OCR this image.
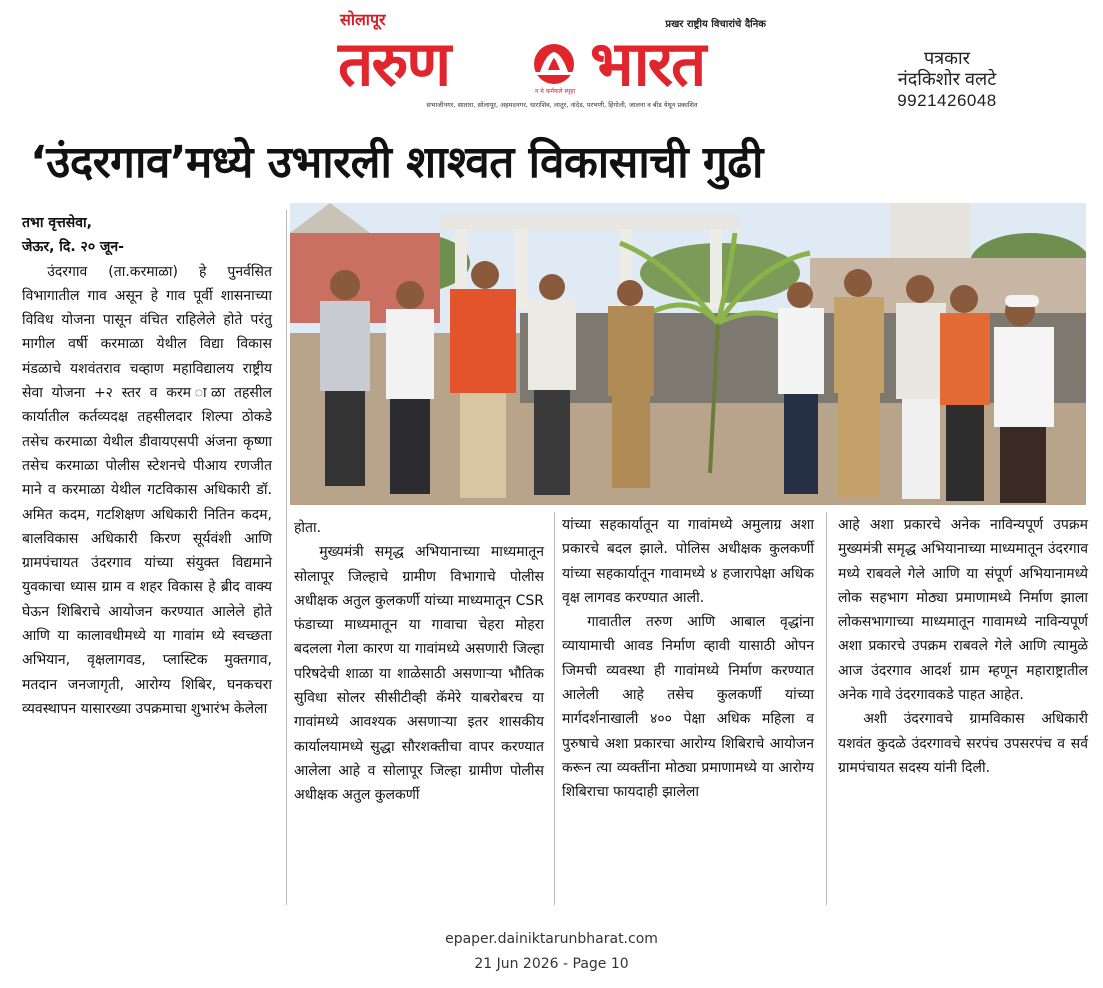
सोलापूर	प्रखर राष्ट्रीय विचारांचे दैनिक
तरुण	न मे कर्मफले स्पृहा भारत
संभाजीनगर, सातारा, सोलापूर, अहमदनगर, धाराशिव, लातूर, नांदेड, परभणी, हिंगोली, जालना व बीड येथून प्रकाशित
पत्रकार
नंदकिशोर वलटे
9921426048
‘उंदरगाव’मध्ये उभारली शाश्वत विकासाची गुढी

तभा वृत्तसेवा,

जेऊर, दि. २० जून-

उंदरगाव (ता.करमाळा) हे पुनर्वसित विभागातील गाव असून हे गाव पूर्वी शासनाच्या विविध योजना पासून वंचित राहिलेले होते परंतु मागील वर्षी करमाळा येथील विद्या विकास मंडळाचे यशवंतराव चव्हाण महाविद्यालय राष्ट्रीय सेवा योजना +२ स्तर व करम ाळा तहसील कार्यातील कर्तव्यदक्ष तहसीलदार शिल्पा ठोकडे तसेच करमाळा येथील डीवायएसपी अंजना कृष्णा तसेच करमाळा पोलीस स्टेशनचे पीआय रणजीत माने व करमाळा येथील गटविकास अधिकारी डॉ. अमित कदम, गटशिक्षण अधिकारी नितिन कदम, बालविकास अधिकारी किरण सूर्यवंशी आणि ग्रामपंचायत उंदरगाव यांच्या संयुक्त विद्यमाने युवकाचा ध्यास ग्राम व शहर विकास हे ब्रीद वाक्य घेऊन शिबिराचे आयोजन करण्यात आलेले होते आणि या कालावधीमध्ये या गावांम ध्ये स्वच्छता अभियान, वृक्षलागवड, प्लास्टिक मुक्तगाव, मतदान जनजागृती, आरोग्य शिबिर, घनकचरा व्यवस्थापन यासारख्या उपक्रमाचा शुभारंभ केलेला

होता.

मुख्यमंत्री समृद्ध अभियानाच्या माध्यमातून सोलापूर जिल्हाचे ग्रामीण विभागाचे पोलीस अधीक्षक अतुल कुलकर्णी यांच्या माध्यमातून CSR फंडाच्या माध्यमातून या गावाचा चेहरा मोहरा बदलला गेला कारण या गावांमध्ये असणारी जिल्हा परिषदेची शाळा या शाळेसाठी असणाऱ्या भौतिक सुविधा सोलर सीसीटीव्ही कॅमेरे याबरोबरच या गावांमध्ये आवश्यक असणाऱ्या इतर शासकीय कार्यालयामध्ये सुद्धा सौरशक्तीचा वापर करण्यात आलेला आहे व सोलापूर जिल्हा ग्रामीण पोलीस अधीक्षक अतुल कुलकर्णी

यांच्या सहकार्यातून या गावांमध्ये अमुलाग्र अशा प्रकारचे बदल झाले. पोलिस अधीक्षक कुलकर्णी यांच्या सहकार्यातून गावामध्ये ४ हजारापेक्षा अधिक वृक्ष लागवड करण्यात आली.

गावातील तरुण आणि आबाल वृद्धांना व्यायामाची आवड निर्माण व्हावी यासाठी ओपन जिमची व्यवस्था ही गावांमध्ये निर्माण करण्यात आलेली आहे तसेच कुलकर्णी यांच्या मार्गदर्शनाखाली ४०० पेक्षा अधिक महिला व पुरुषाचे अशा प्रकारचा आरोग्य शिबिराचे आयोजन करून त्या व्यक्तींना मोठ्या प्रमाणामध्ये या आरोग्य शिबिराचा फायदाही झालेला

आहे अशा प्रकारचे अनेक नाविन्यपूर्ण उपक्रम मुख्यमंत्री समृद्ध अभियानाच्या माध्यमातून उंदरगाव मध्ये राबवले गेले आणि या संपूर्ण अभियानामध्ये लोक सहभाग मोठ्या प्रमाणामध्ये निर्माण झाला लोकसभागाच्या माध्यमातून गावामध्ये नाविन्यपूर्ण अशा प्रकारचे उपक्रम राबवले गेले आणि त्यामुळे आज उंदरगाव आदर्श ग्राम म्हणून महाराष्ट्रातील अनेक गावे उंदरगावकडे पाहत आहेत.

अशी उंदरगावचे ग्रामविकास अधिकारी यशवंत कुदळे उंदरगावचे सरपंच उपसरपंच व सर्व ग्रामपंचायत सदस्य यांनी दिली.

epaper.dainiktarunbharat.com
21 Jun 2026 - Page 10
